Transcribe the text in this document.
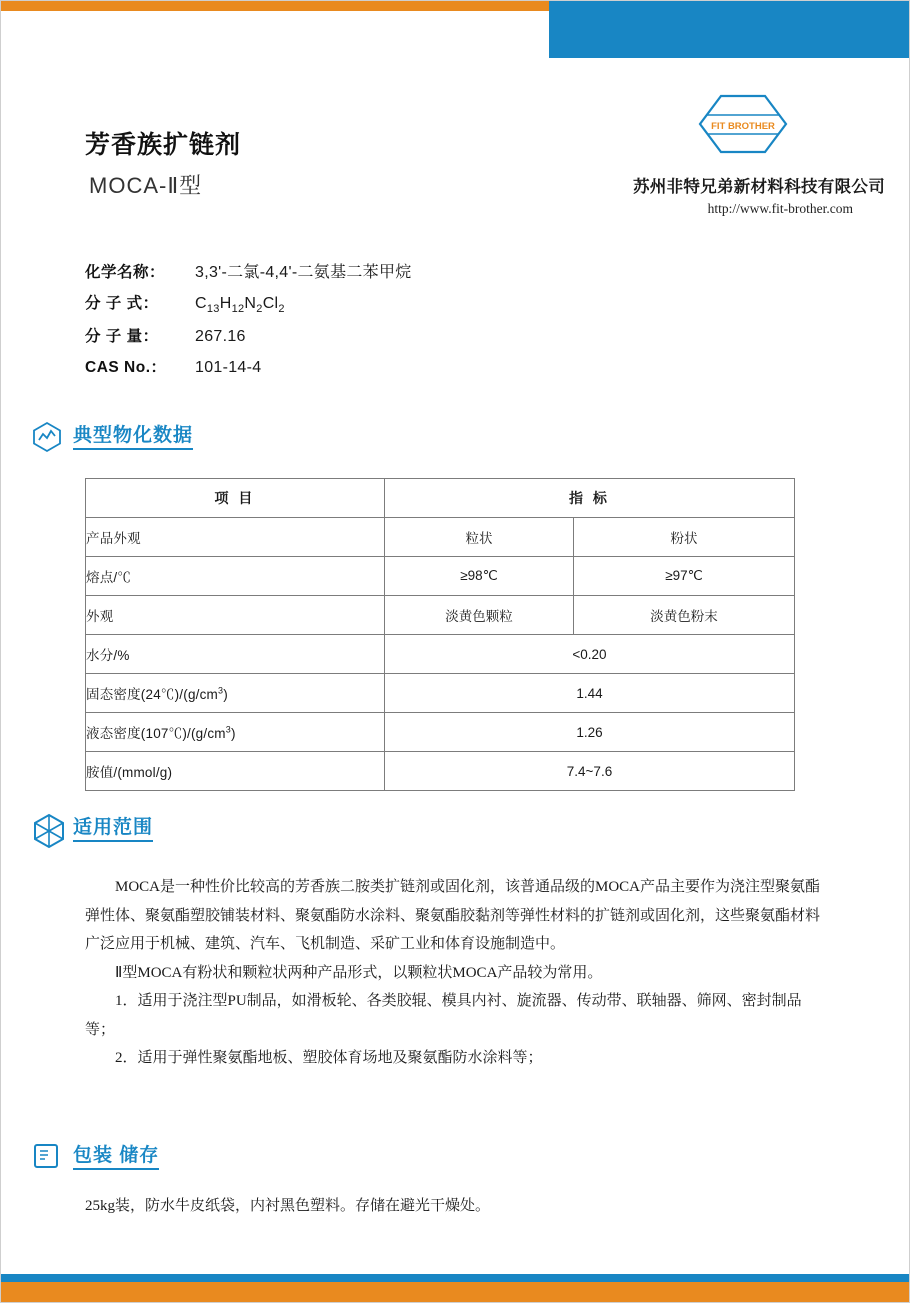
芳香族扩链剂
MOCA-Ⅱ型
FIT BROTHER
苏州非特兄弟新材料科技有限公司
http://www.fit-brother.com
化学名称：	3,3'-二氯-4,4'-二氨基二苯甲烷
分 子 式：	$C_{13}H_{12}N_2Cl_2$
分 子 量：	267.16
CAS No.：	101-14-4
典型物化数据
项 目	指 标	
产品外观	粒状	粉状
熔点/℃	≥98℃	≥97℃
外观	淡黄色颗粒	淡黄色粉末
水分/%	<0.20	
固态密度$(24℃)/(g/cm^3)$	1.44	
液态密度$(107℃)/(g/cm^3)$	1.26	
胺值/(mmol/g)	7.4~7.6	
适用范围

MOCA是一种性价比较高的芳香族二胺类扩链剂或固化剂，该普通品级的MOCA产品主要作为浇注型聚氨酯弹性体、聚氨酯塑胶铺装材料、聚氨酯防水涂料、聚氨酯胶黏剂等弹性材料的扩链剂或固化剂，这些聚氨酯材料广泛应用于机械、建筑、汽车、飞机制造、采矿工业和体育设施制造中。

Ⅱ型MOCA有粉状和颗粒状两种产品形式，以颗粒状MOCA产品较为常用。

1．适用于浇注型PU制品，如滑板轮、各类胶辊、模具内衬、旋流器、传动带、联轴器、筛网、密封制品等；

2．适用于弹性聚氨酯地板、塑胶体育场地及聚氨酯防水涂料等；

包装 储存
25kg装，防水牛皮纸袋，内衬黑色塑料。存储在避光干燥处。
